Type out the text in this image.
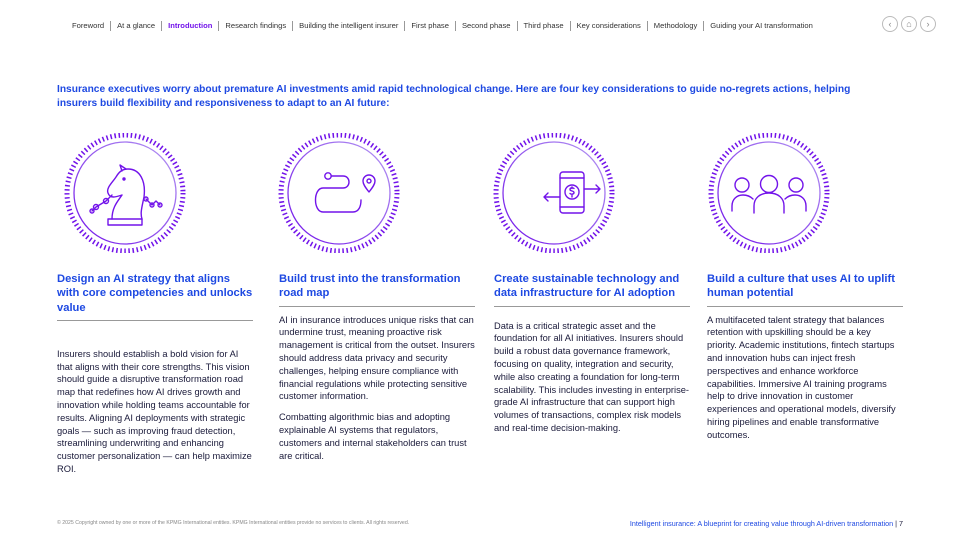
Foreword	At a glance	Introduction	Research findings	Building the intelligent insurer	First phase	Second phase	Third phase	Key considerations	Methodology	Guiding your AI transformation	‹	⌂	›
Insurance executives worry about premature AI investments amid rapid technological change. Here are four key considerations to guide no-regrets actions, helping insurers build flexibility and responsiveness to adapt to an AI future:
Design an AI strategy that aligns with core competencies and unlocks value

Insurers should establish a bold vision for AI that aligns with their core strengths. This vision should guide a disruptive transformation road map that redefines how AI drives growth and innovation while holding teams accountable for results. Aligning AI deployments with strategic goals — such as improving fraud detection, streamlining underwriting and enhancing customer personalization — can help maximize ROI.

Build trust into the transformation road map

AI in insurance introduces unique risks that can undermine trust, meaning proactive risk management is critical from the outset. Insurers should address data privacy and security challenges, helping ensure compliance with financial regulations while protecting sensitive customer information.

Combatting algorithmic bias and adopting explainable AI systems that regulators, customers and internal stakeholders can trust are critical.

Create sustainable technology and data infrastructure for AI adoption

Data is a critical strategic asset and the foundation for all AI initiatives. Insurers should build a robust data governance framework, focusing on quality, integration and security, while also creating a foundation for long-term scalability. This includes investing in enterprise-grade AI infrastructure that can support high volumes of transactions, complex risk models and real-time decision-making.

Build a culture that uses AI to uplift human potential

A multifaceted talent strategy that balances retention with upskilling should be a key priority. Academic institutions, fintech startups and innovation hubs can inject fresh perspectives and enhance workforce capabilities. Immersive AI training programs help to drive innovation in customer experiences and operational models, diversify hiring pipelines and enable transformative outcomes.

© 2025 Copyright owned by one or more of the KPMG International entities. KPMG International entities provide no services to clients. All rights reserved.	Intelligent insurance: A blueprint for creating value through AI-driven transformation | 7
